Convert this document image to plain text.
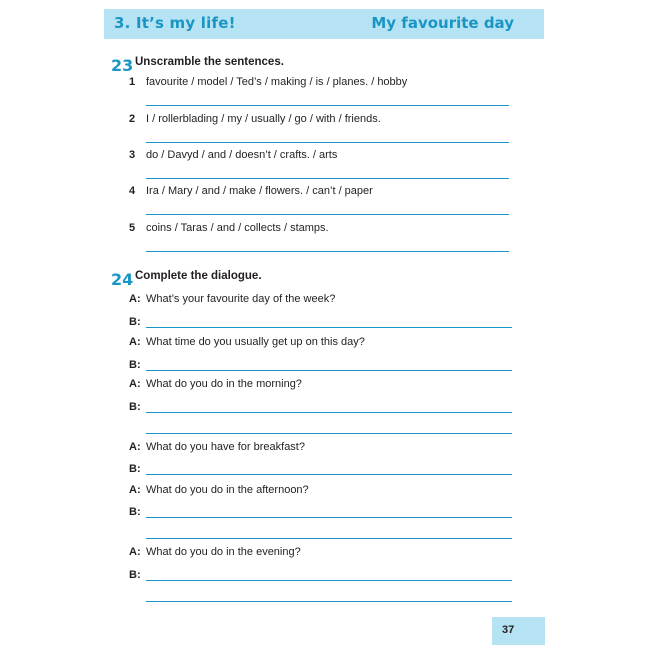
3. It’s my life!	My favourite day
23 Unscramble the sentences.
1 favourite / model / Ted’s / making / is / planes. / hobby
2 I / rollerblading / my / usually / go / with / friends.
3 do / Davyd / and / doesn’t / crafts. / arts
4 Ira / Mary / and / make / flowers. / can’t / paper
5 coins / Taras / and / collects / stamps.
24 Complete the dialogue.
A: What’s your favourite day of the week?
B:
A: What time do you usually get up on this day?
B:
A: What do you do in the morning?
B:
A: What do you have for breakfast?
B:
A: What do you do in the afternoon?
B:
A: What do you do in the evening?
B:
37
